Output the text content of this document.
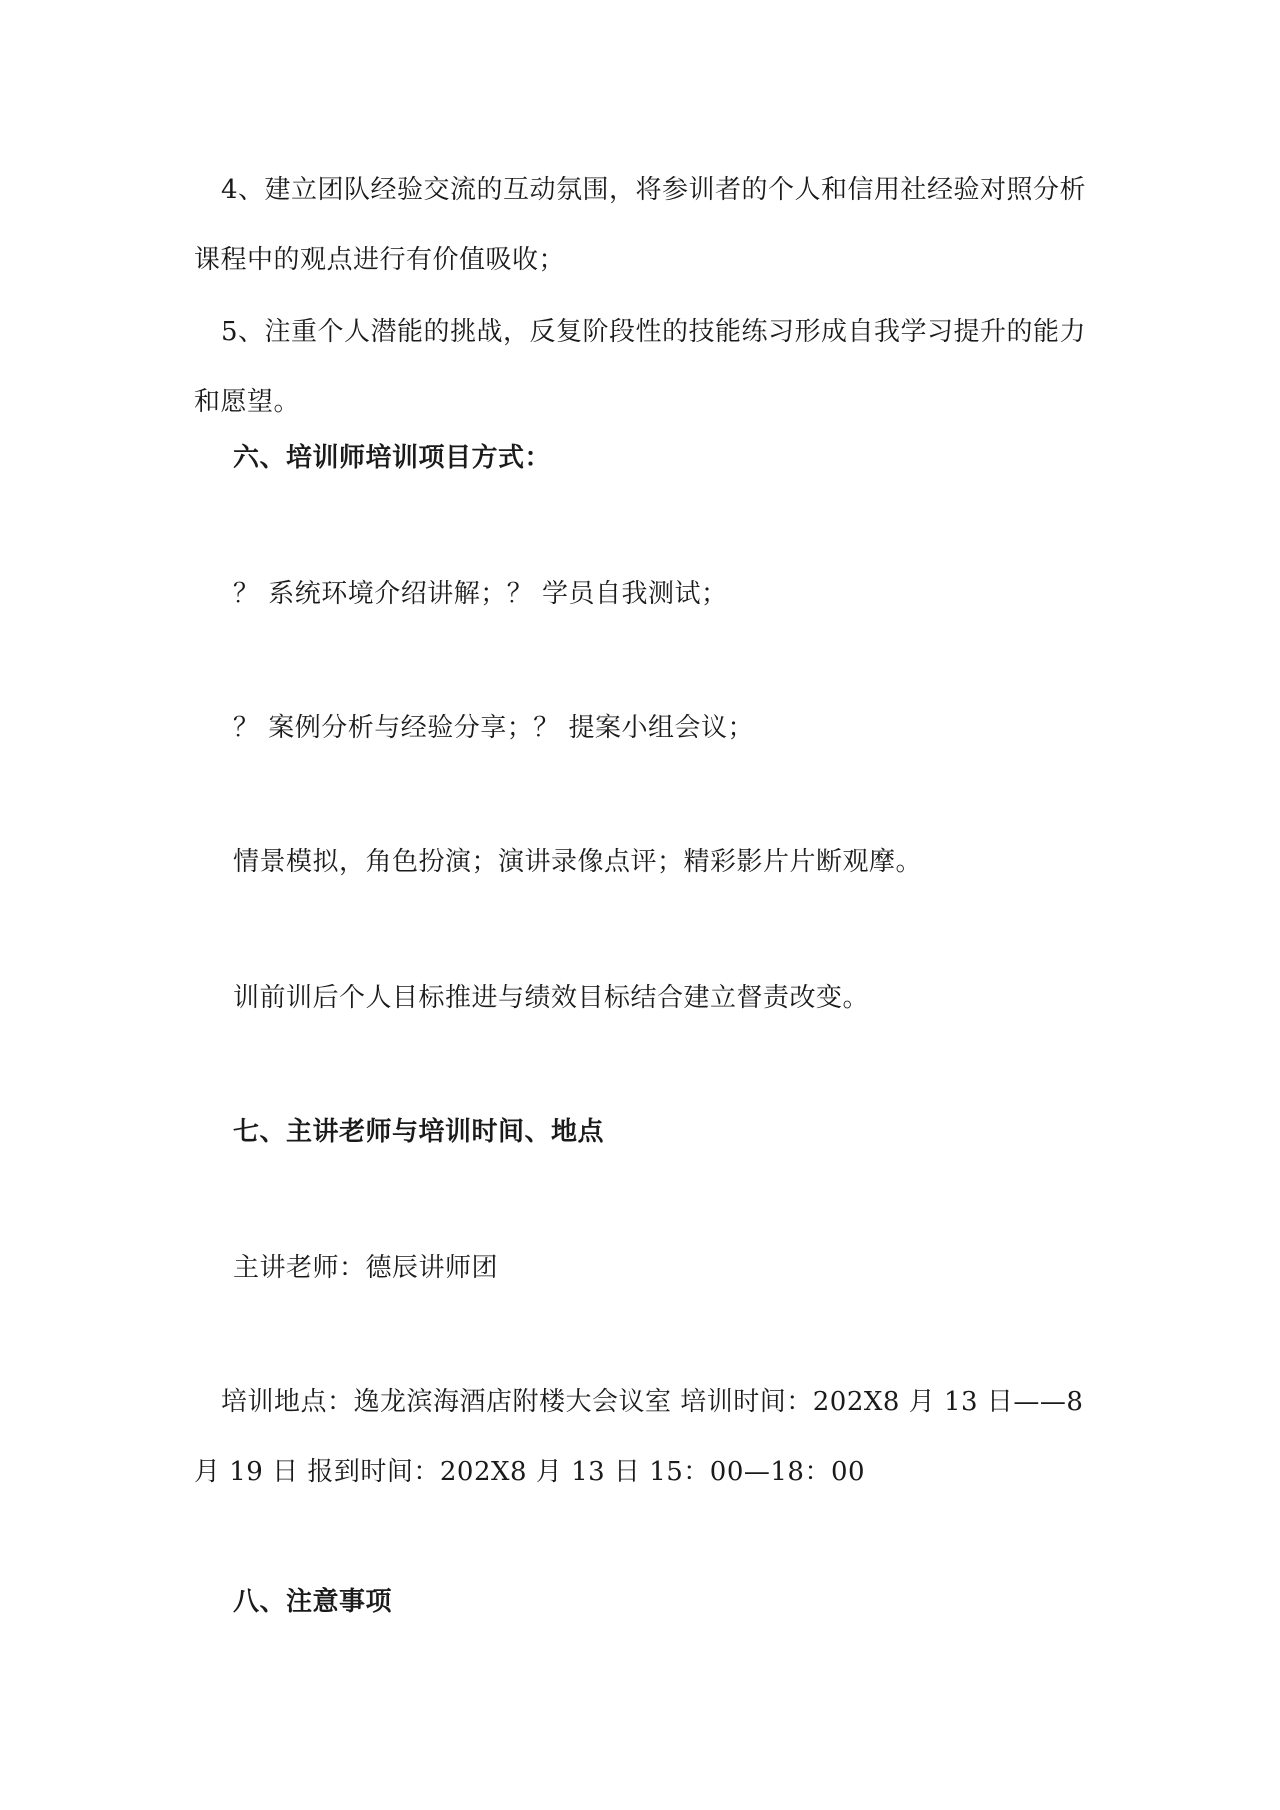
4、建立团队经验交流的互动氛围，将参训者的个人和信用社经验对照分析课程中的观点进行有价值吸收；

5、注重个人潜能的挑战，反复阶段性的技能练习形成自我学习提升的能力和愿望。

六、培训师培训项目方式：

？ 系统环境介绍讲解；？ 学员自我测试；

？ 案例分析与经验分享；？ 提案小组会议；

情景模拟，角色扮演；演讲录像点评；精彩影片片断观摩。

训前训后个人目标推进与绩效目标结合建立督责改变。

七、主讲老师与培训时间、地点

主讲老师：德辰讲师团

培训地点：逸龙滨海酒店附楼大会议室 培训时间：202X8 月 13 日——8 月 19 日 报到时间：202X8 月 13 日 15：00—18：00

八、注意事项
